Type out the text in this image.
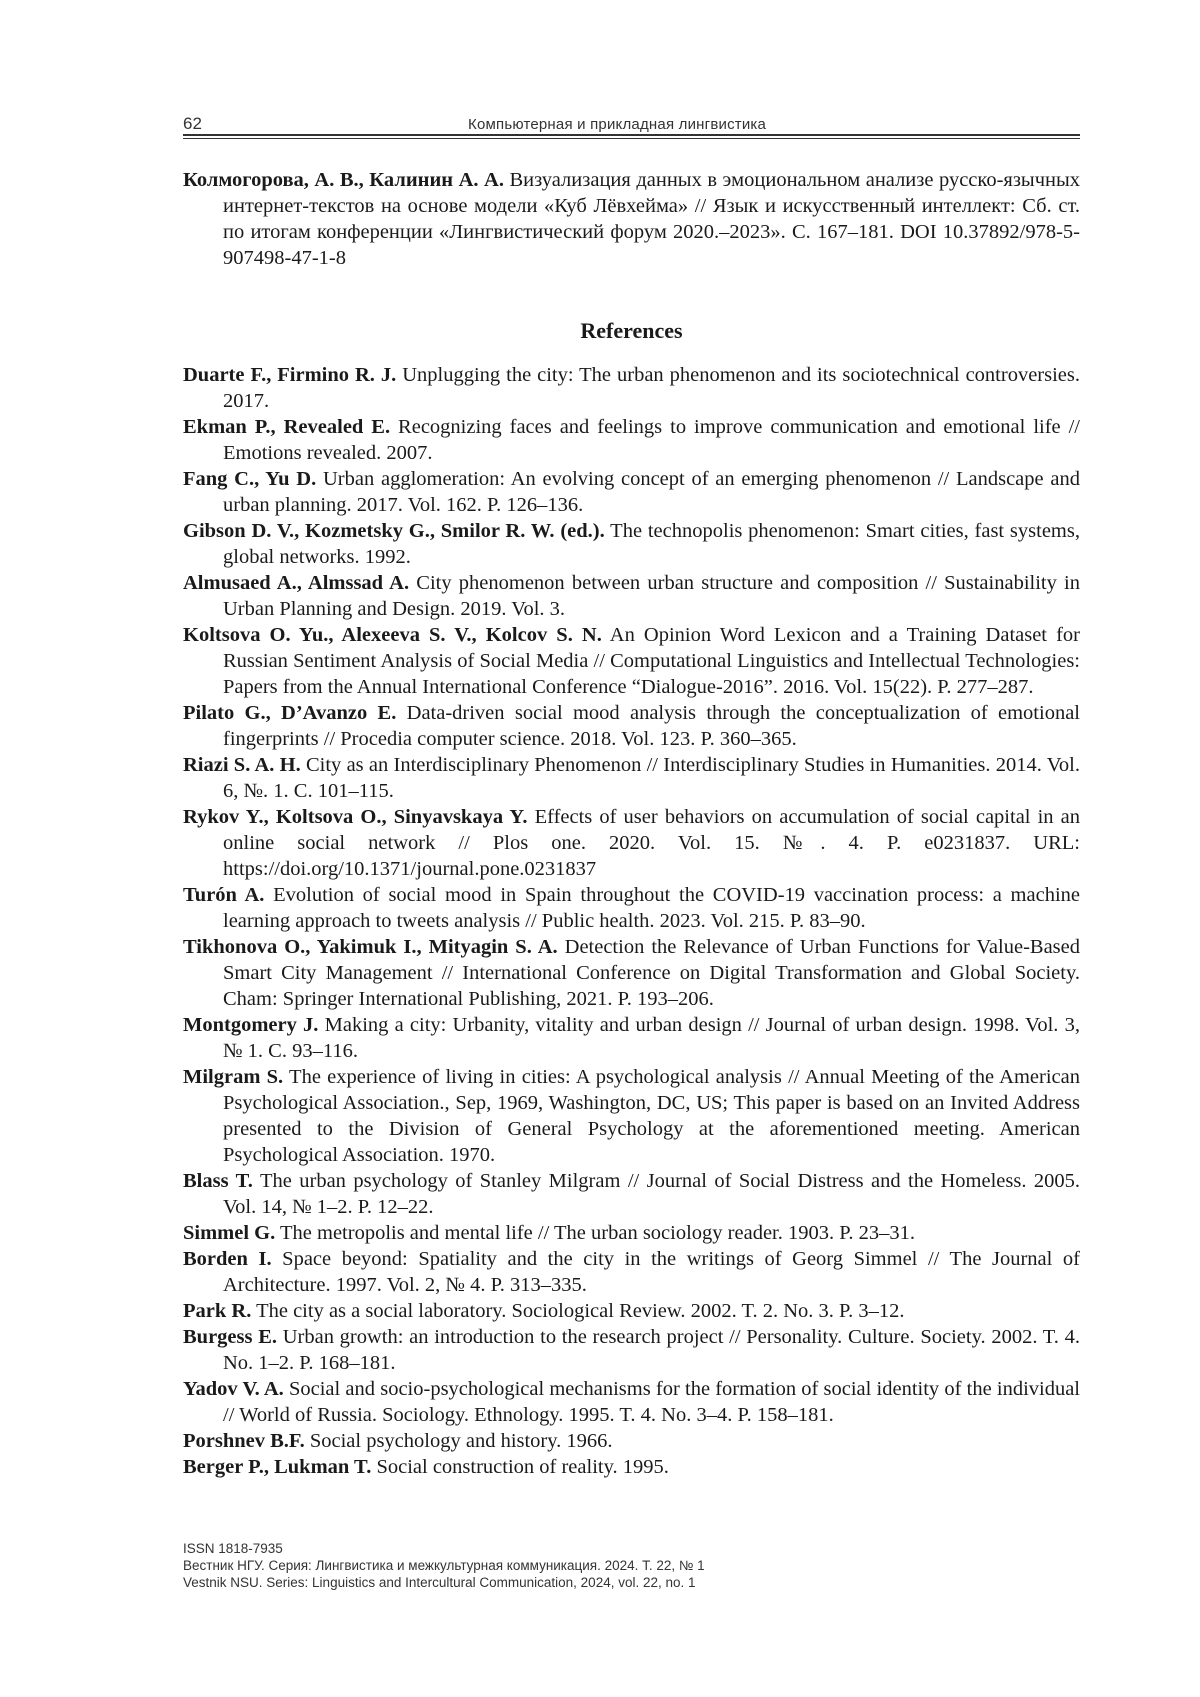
62	Компьютерная и прикладная лингвистика

Колмогорова, А. В., Калинин А. А. Визуализация данных в эмоциональном анализе русско-язычных интернет-текстов на основе модели «Куб Лёвхейма» // Язык и искусственный интеллект: Сб. ст. по итогам конференции «Лингвистический форум 2020.–2023». С. 167–181. DOI 10.37892/978-5-907498-47-1-8

References

Duarte F., Firmino R. J. Unplugging the city: The urban phenomenon and its sociotechnical controversies. 2017.

Ekman P., Revealed E. Recognizing faces and feelings to improve communication and emotional life // Emotions revealed. 2007.

Fang C., Yu D. Urban agglomeration: An evolving concept of an emerging phenomenon // Landscape and urban planning. 2017. Vol. 162. P. 126–136.

Gibson D. V., Kozmetsky G., Smilor R. W. (ed.). The technopolis phenomenon: Smart cities, fast systems, global networks. 1992.

Almusaed A., Almssad A. City phenomenon between urban structure and composition // Sustainability in Urban Planning and Design. 2019. Vol. 3.

Koltsova O. Yu., Alexeeva S. V., Kolcov S. N. An Opinion Word Lexicon and a Training Dataset for Russian Sentiment Analysis of Social Media // Computational Linguistics and Intellectual Technologies: Papers from the Annual International Conference “Dialogue-2016”. 2016. Vol. 15(22). P. 277–287.

Pilato G., D’Avanzo E. Data-driven social mood analysis through the conceptualization of emotional fingerprints // Procedia computer science. 2018. Vol. 123. P. 360–365.

Riazi S. A. H. City as an Interdisciplinary Phenomenon // Interdisciplinary Studies in Humanities. 2014. Vol. 6, №. 1. С. 101–115.

Rykov Y., Koltsova O., Sinyavskaya Y. Effects of user behaviors on accumulation of social capital in an online social network // Plos one. 2020. Vol. 15. №. 4. P. e0231837. URL: https://doi.org/10.1371/journal.pone.0231837

Turón A. Evolution of social mood in Spain throughout the COVID-19 vaccination process: a machine learning approach to tweets analysis // Public health. 2023. Vol. 215. P. 83–90.

Tikhonova O., Yakimuk I., Mityagin S. A. Detection the Relevance of Urban Functions for Value-Based Smart City Management // International Conference on Digital Transformation and Global Society. Cham: Springer International Publishing, 2021. P. 193–206.

Montgomery J. Making a city: Urbanity, vitality and urban design // Journal of urban design. 1998. Vol. 3, № 1. С. 93–116.

Milgram S. The experience of living in cities: A psychological analysis // Annual Meeting of the American Psychological Association., Sep, 1969, Washington, DC, US; This paper is based on an Invited Address presented to the Division of General Psychology at the aforementioned meeting. American Psychological Association. 1970.

Blass T. The urban psychology of Stanley Milgram // Journal of Social Distress and the Homeless. 2005. Vol. 14, № 1–2. P. 12–22.

Simmel G. The metropolis and mental life // The urban sociology reader. 1903. P. 23–31.

Borden I. Space beyond: Spatiality and the city in the writings of Georg Simmel // The Journal of Architecture. 1997. Vol. 2, № 4. P. 313–335.

Park R. The city as a social laboratory. Sociological Review. 2002. T. 2. No. 3. P. 3–12.

Burgess E. Urban growth: an introduction to the research project // Personality. Culture. Society. 2002. T. 4. No. 1–2. P. 168–181.

Yadov V. A. Social and socio-psychological mechanisms for the formation of social identity of the individual // World of Russia. Sociology. Ethnology. 1995. T. 4. No. 3–4. P. 158–181.

Porshnev B.F. Social psychology and history. 1966.

Berger P., Lukman T. Social construction of reality. 1995.

ISSN 1818-7935
Вестник НГУ. Серия: Лингвистика и межкультурная коммуникация. 2024. Т. 22, № 1
Vestnik NSU. Series: Linguistics and Intercultural Communication, 2024, vol. 22, no. 1
